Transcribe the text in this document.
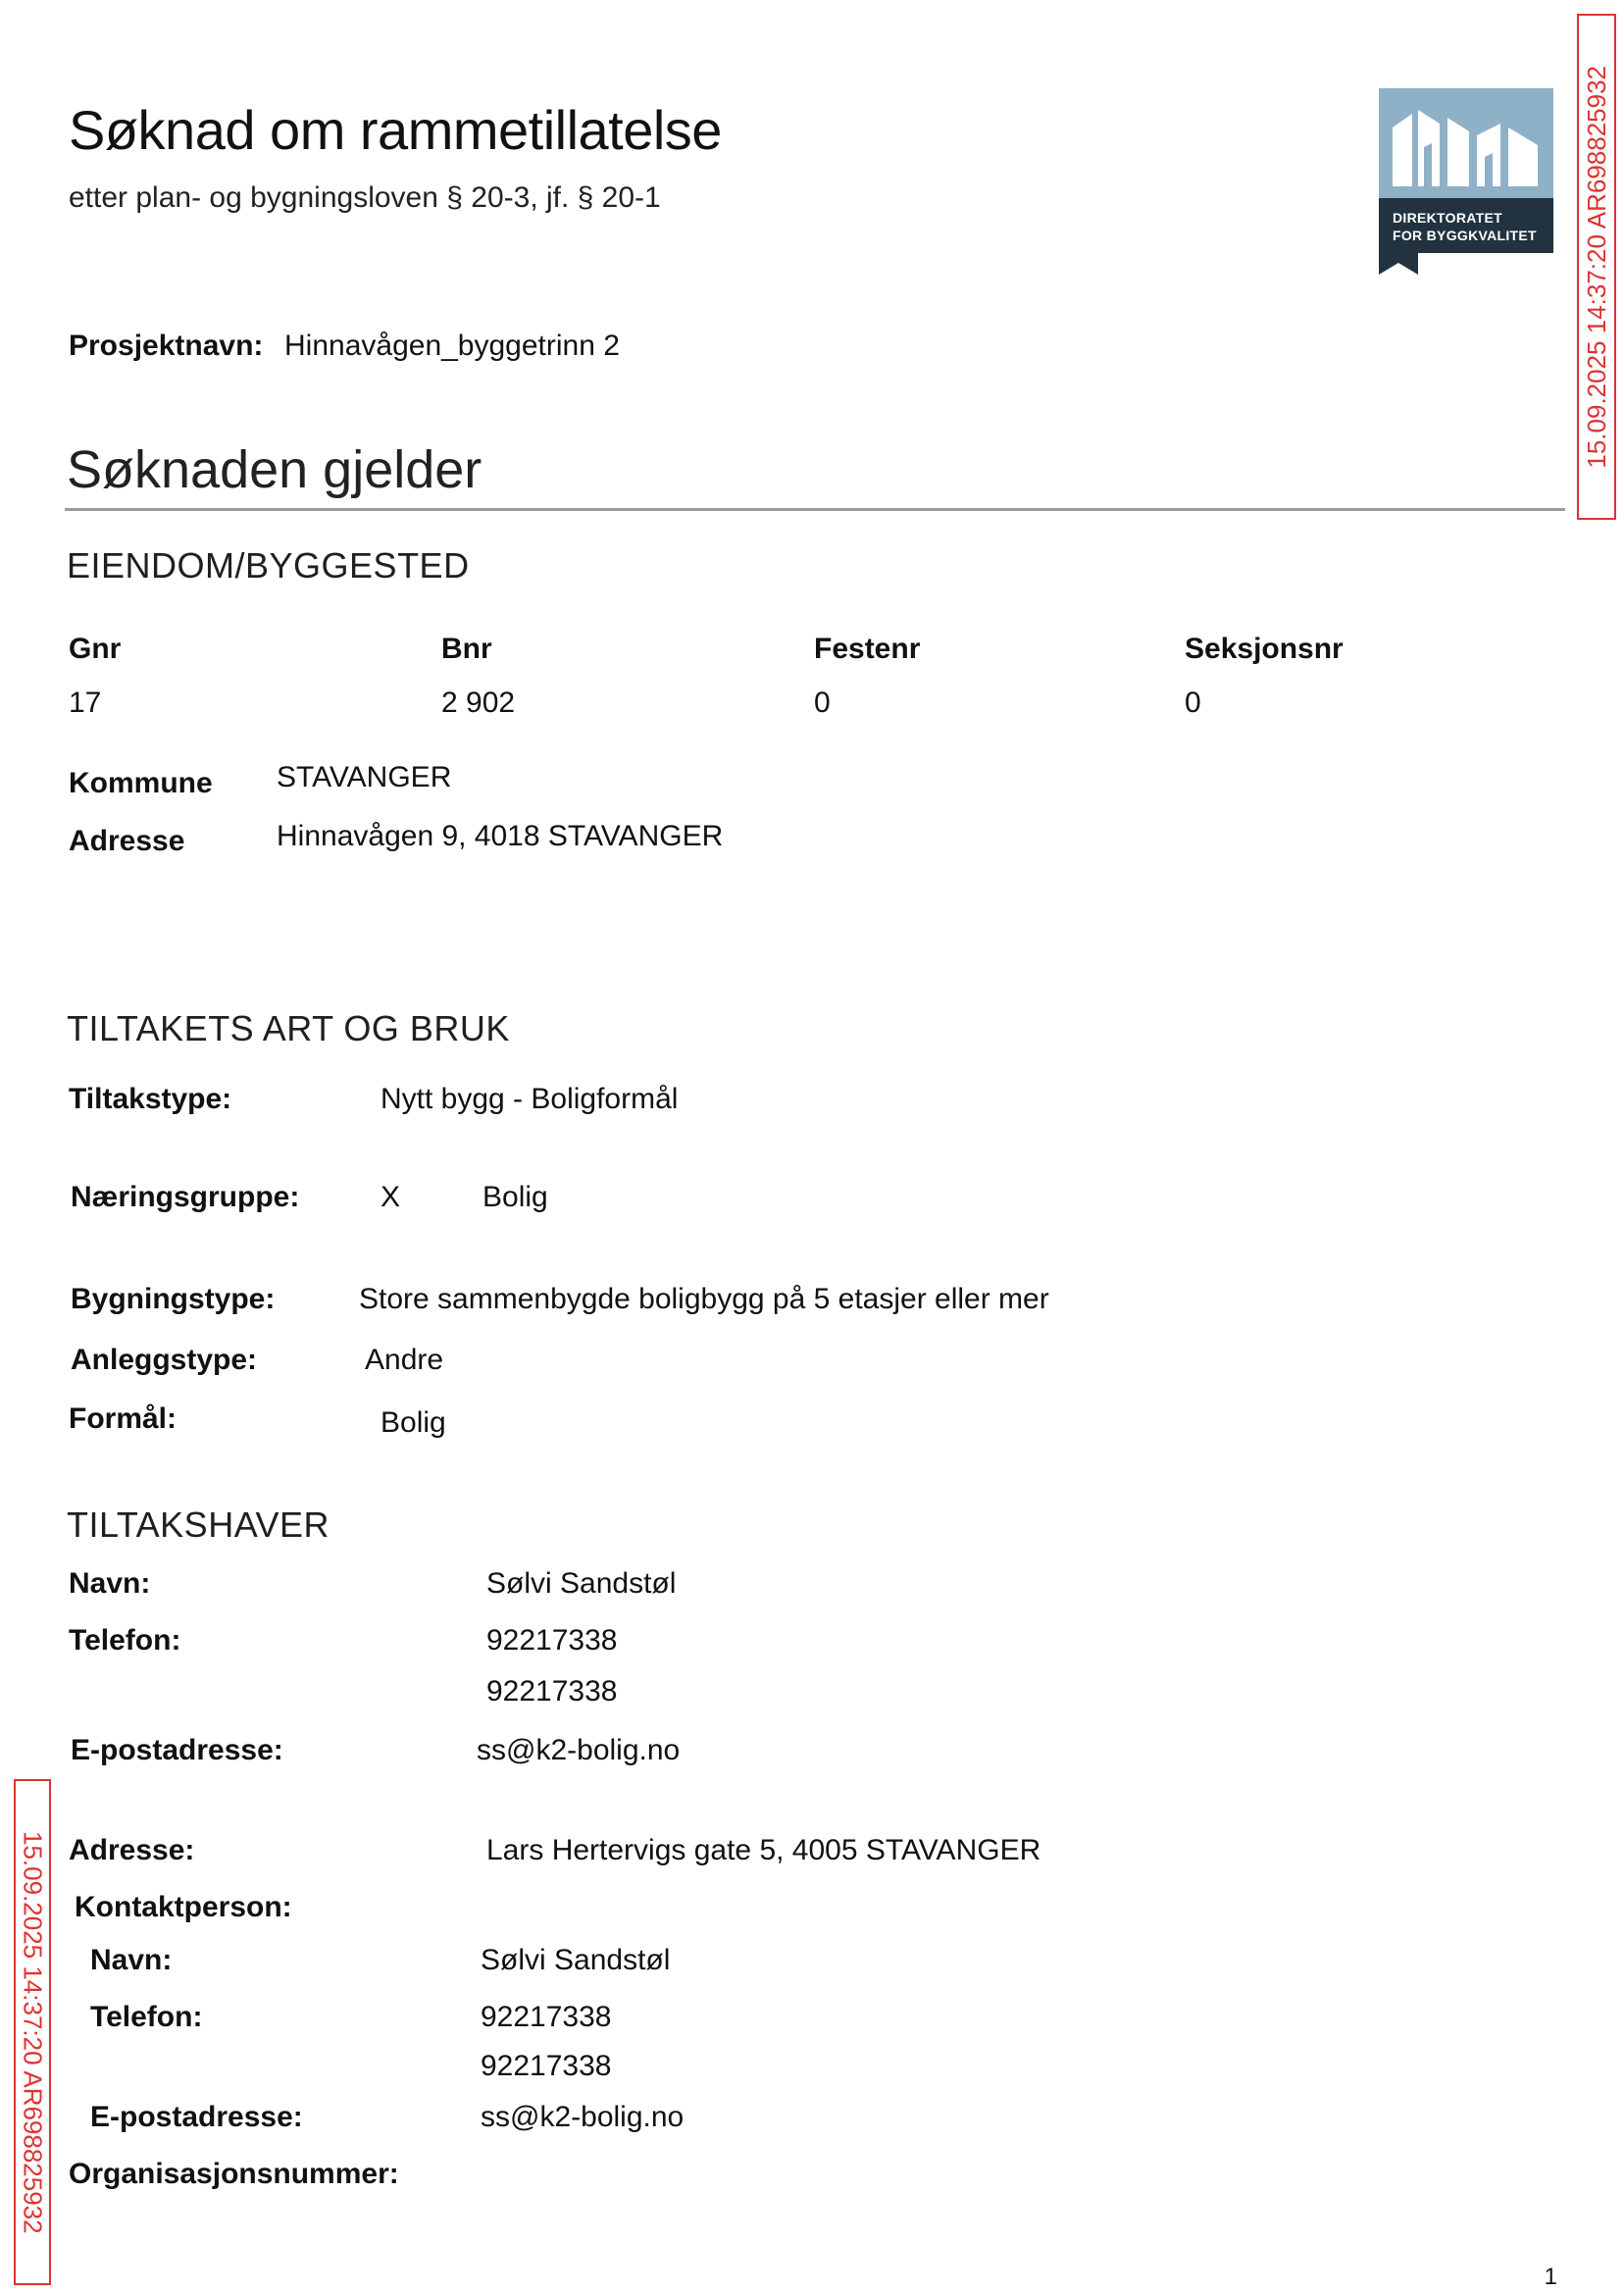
Søknad om rammetillatelse
etter plan- og bygningsloven § 20-3, jf. § 20-1
DIREKTORATET
FOR BYGGKVALITET 15.09.2025 14:37:20 AR698825932
15.09.2025 14:37:20 AR698825932
Prosjektnavn: Hinnavågen_byggetrinn 2
Søknaden gjelder
EIENDOM/BYGGESTED
Gnr	Bnr	Festenr	Seksjonsnr
17	2 902	0	0
Kommune STAVANGER
Adresse	Hinnavågen 9, 4018 STAVANGER
TILTAKETS ART OG BRUK
Tiltakstype:	Nytt bygg - Boligformål
Næringsgruppe:	X	Bolig
Bygningstype:	Store sammenbygde boligbygg på 5 etasjer eller mer
Anleggstype:	Andre
Formål:	Bolig
TILTAKSHAVER
Navn:	Sølvi Sandstøl
Telefon:	92217338
92217338
E-postadresse:	ss@k2-bolig.no
Adresse:	Lars Hertervigs gate 5, 4005 STAVANGER
Kontaktperson:
Navn:	Sølvi Sandstøl
Telefon:	92217338
92217338
E-postadresse:	ss@k2-bolig.no
Organisasjonsnummer:
1
